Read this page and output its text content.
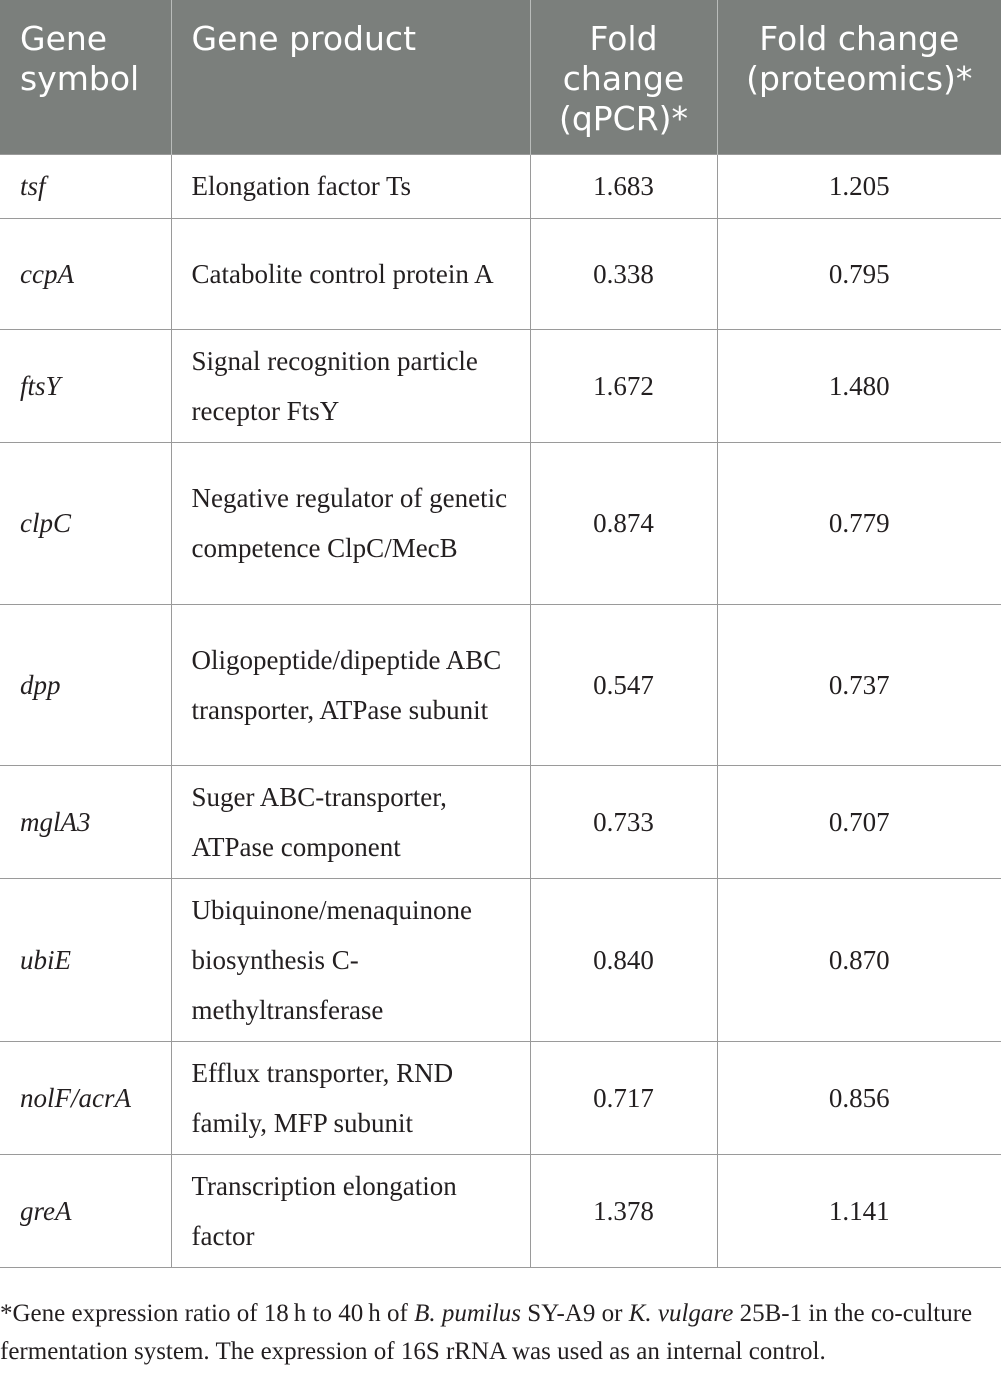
Gene symbol	Gene product	Fold change (qPCR)*	Fold change (proteomics)*
tsf	Elongation factor Ts	1.683	1.205
ccpA	Catabolite control protein A	0.338	0.795
ftsY	Signal recognition particle receptor FtsY	1.672	1.480
clpC	Negative regulator of genetic competence ClpC/MecB	0.874	0.779
dpp	Oligopeptide/dipeptide ABC transporter, ATPase subunit	0.547	0.737
mglA3	Suger ABC-transporter, ATPase component	0.733	0.707
ubiE	Ubiquinone/menaquinone biosynthesis C-methyltransferase	0.840	0.870
nolF/acrA	Efflux transporter, RND family, MFP subunit	0.717	0.856
greA	Transcription elongation factor	1.378	1.141

*Gene expression ratio of 18 h to 40 h of B. pumilus SY-A9 or K. vulgare 25B-1 in the co-culture fermentation system. The expression of 16S rRNA was used as an internal control.
